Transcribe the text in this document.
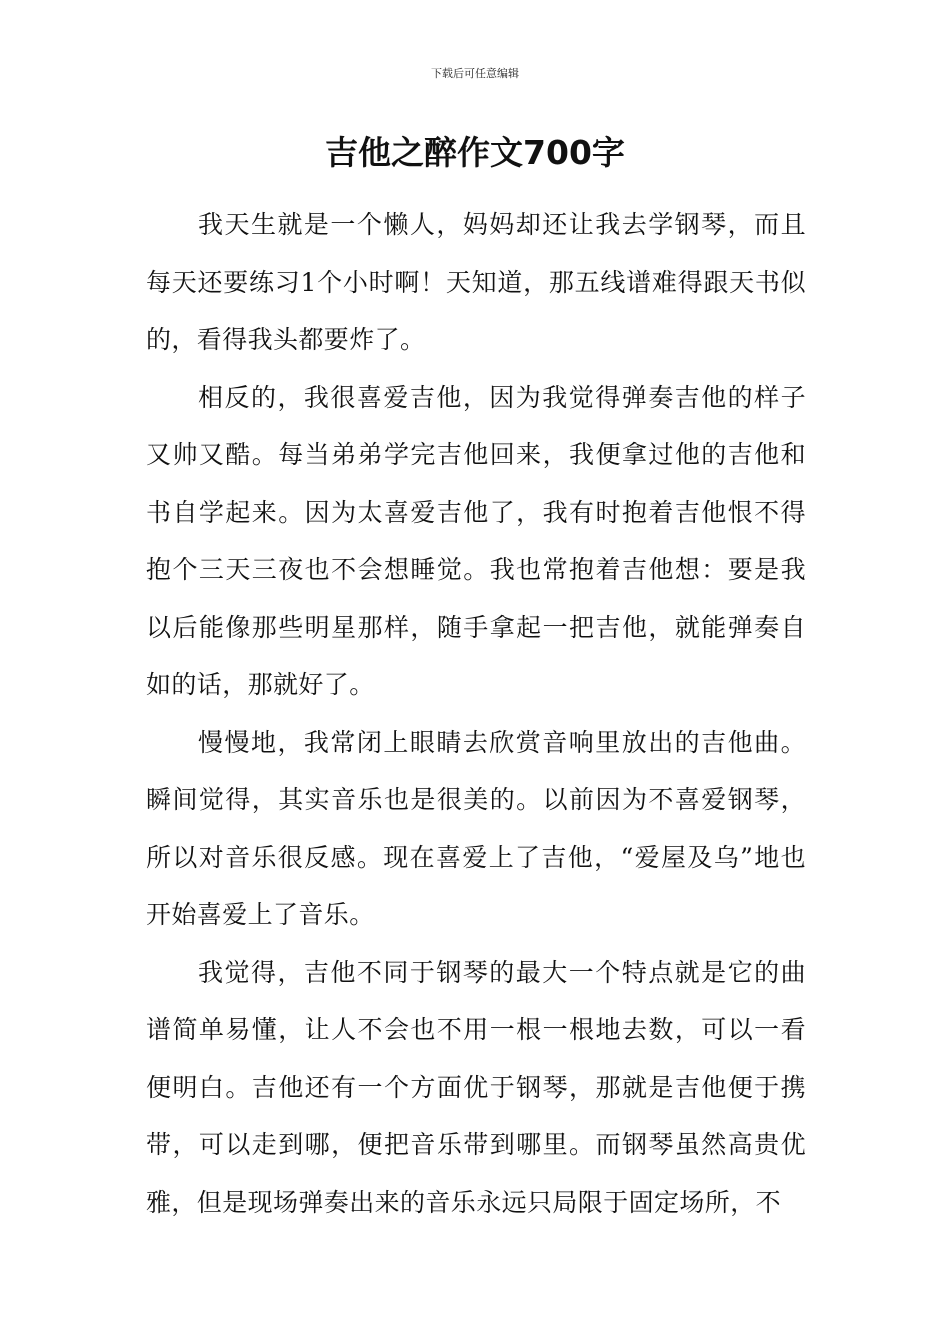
下载后可任意编辑
吉他之醉作文700字

我天生就是一个懒人，妈妈却还让我去学钢琴，而且每天还要练习1个小时啊！天知道，那五线谱难得跟天书似的，看得我头都要炸了。

相反的，我很喜爱吉他，因为我觉得弹奏吉他的样子又帅又酷。每当弟弟学完吉他回来，我便拿过他的吉他和书自学起来。因为太喜爱吉他了，我有时抱着吉他恨不得抱个三天三夜也不会想睡觉。我也常抱着吉他想：要是我以后能像那些明星那样，随手拿起一把吉他，就能弹奏自如的话，那就好了。

慢慢地，我常闭上眼睛去欣赏音响里放出的吉他曲。瞬间觉得，其实音乐也是很美的。以前因为不喜爱钢琴，所以对音乐很反感。现在喜爱上了吉他，“爱屋及乌”地也开始喜爱上了音乐。

我觉得，吉他不同于钢琴的最大一个特点就是它的曲谱简单易懂，让人不会也不用一根一根地去数，可以一看便明白。吉他还有一个方面优于钢琴，那就是吉他便于携带，可以走到哪，便把音乐带到哪里。而钢琴虽然高贵优雅，但是现场弹奏出来的音乐永远只局限于固定场所，不
